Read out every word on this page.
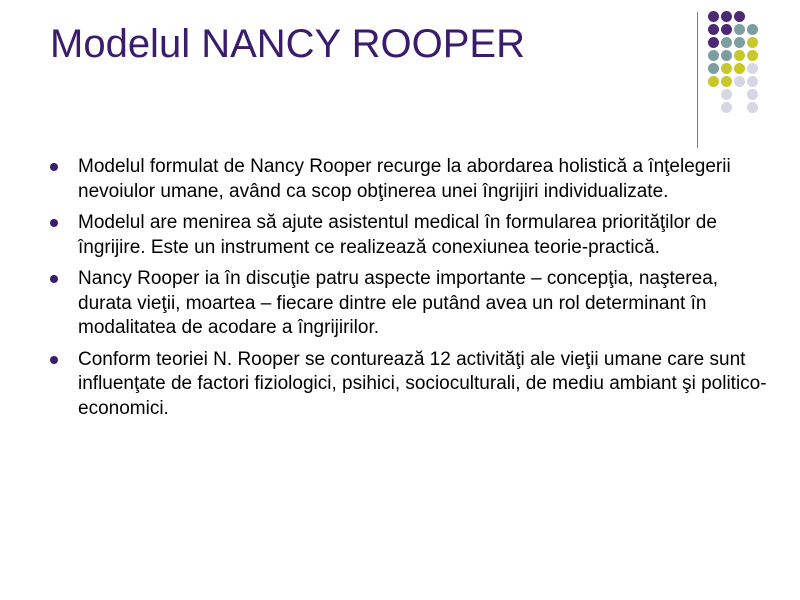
Modelul NANCY ROOPER
Modelul formulat de Nancy Rooper recurge la abordarea holistică a înţelegerii nevoiulor umane, având ca scop obţinerea unei îngrijiri individualizate.
Modelul are menirea să ajute asistentul medical în formularea priorităţilor de îngrijire. Este un instrument ce realizează conexiunea teorie-practică.
Nancy Rooper ia în discuţie patru aspecte importante – concepţia, naşterea, durata vieţii, moartea – fiecare dintre ele putând avea un rol determinant în modalitatea de acodare a îngrijirilor.
Conform teoriei N. Rooper se conturează 12 activităţi ale vieţii umane care sunt influenţate de factori fiziologici, psihici, socioculturali, de mediu ambiant şi politico-economici.
